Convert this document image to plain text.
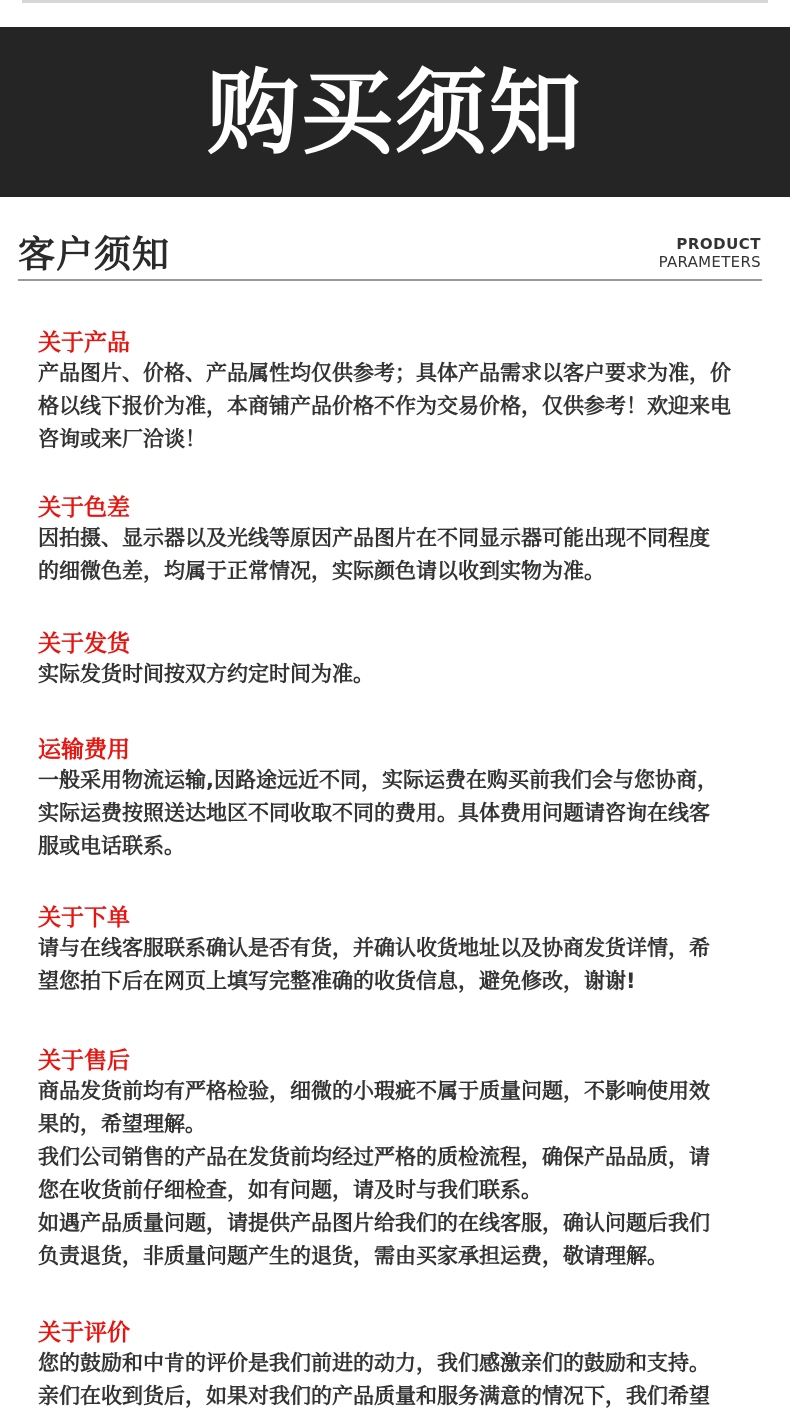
购买须知
客户须知	PRODUCT
PARAMETERS
关于产品
产品图片、价格、产品属性均仅供参考；具体产品需求以客户要求为准，价
格以线下报价为准，本商铺产品价格不作为交易价格，仅供参考！欢迎来电
咨询或来厂洽谈！
关于色差
因拍摄、显示器以及光线等原因产品图片在不同显示器可能出现不同程度
的细微色差，均属于正常情况，实际颜色请以收到实物为准。
关于发货
实际发货时间按双方约定时间为准。
运输费用
一般采用物流运输,因路途远近不同，实际运费在购买前我们会与您协商，
实际运费按照送达地区不同收取不同的费用。具体费用问题请咨询在线客
服或电话联系。
关于下单
请与在线客服联系确认是否有货，并确认收货地址以及协商发货详情，希
望您拍下后在网页上填写完整准确的收货信息，避免修改，谢谢!
关于售后
商品发货前均有严格检验，细微的小瑕疵不属于质量问题，不影响使用效
果的，希望理解。
我们公司销售的产品在发货前均经过严格的质检流程，确保产品品质，请
您在收货前仔细检查，如有问题，请及时与我们联系。
如遇产品质量问题，请提供产品图片给我们的在线客服，确认问题后我们
负责退货，非质量问题产生的退货，需由买家承担运费，敬请理解。
关于评价
您的鼓励和中肯的评价是我们前进的动力，我们感激亲们的鼓励和支持。
亲们在收到货后，如果对我们的产品质量和服务满意的情况下，我们希望
